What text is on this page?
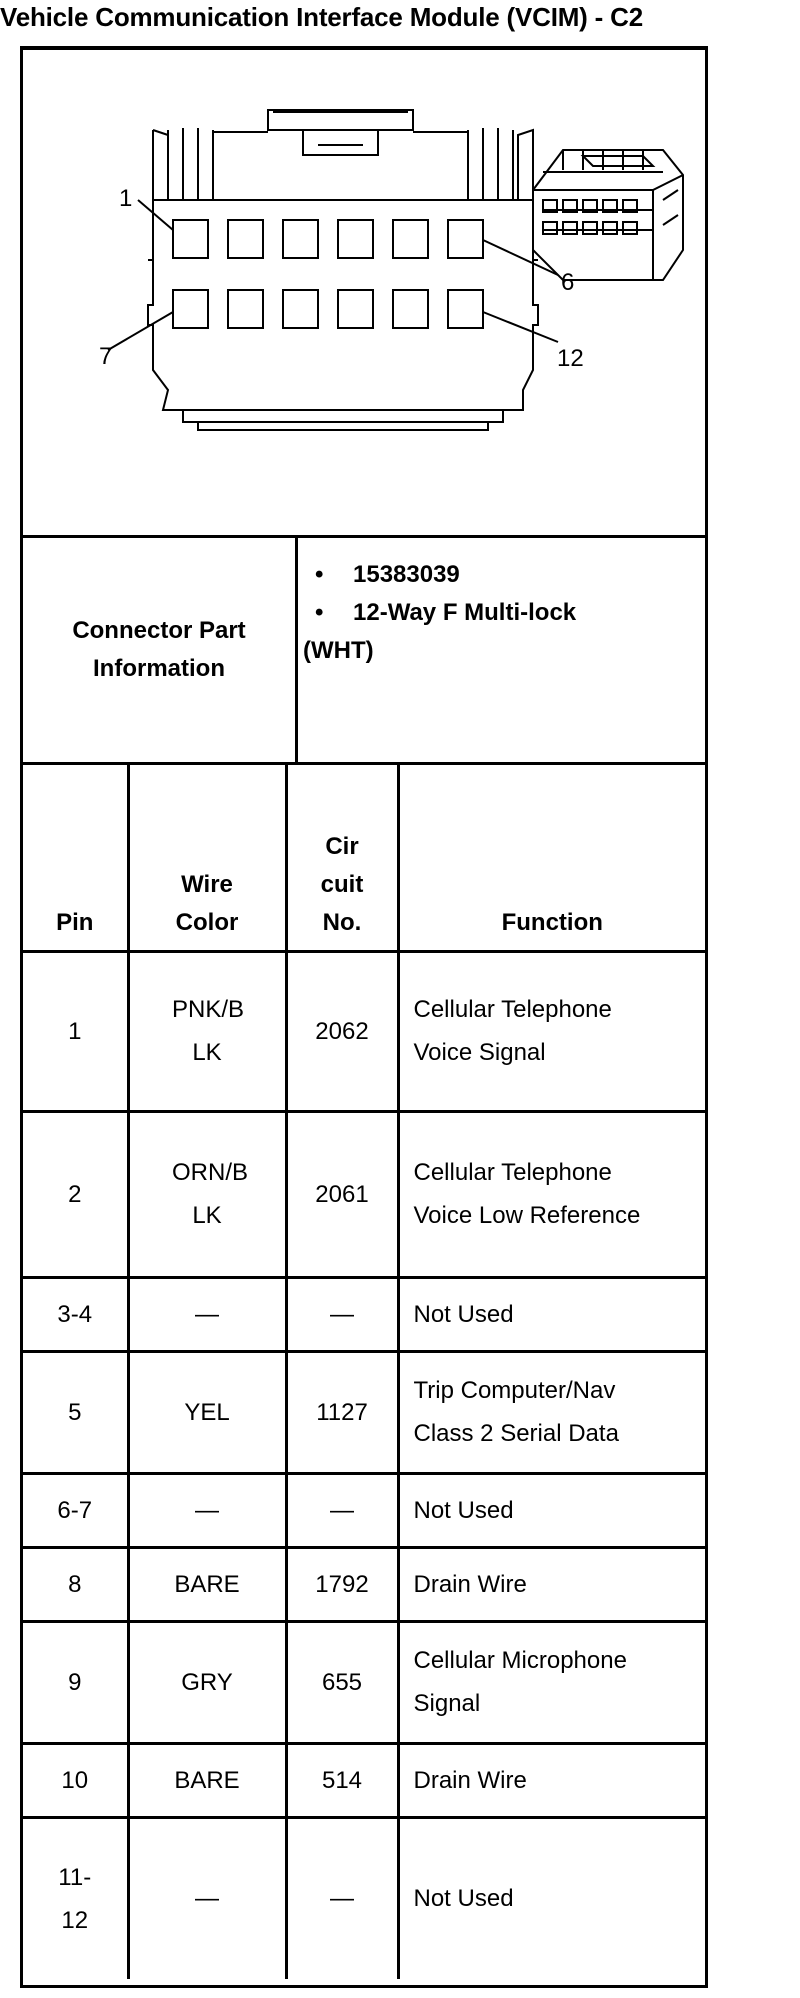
Vehicle Communication Interface Module (VCIM) - C2
1
6
7	12
Connector Part Information
• 15383039
• 12-Way F Multi-lock
(WHT)
Pin	Wire Color	Cir cuit No.	Function
1	PNK/B LK	2062	Cellular Telephone Voice Signal

2	ORN/B LK	2061	Cellular Telephone Voice Low Reference

3-4	—	—	Not Used
5	YEL	1127	Trip Computer/Nav Class 2 Serial Data

6-7	—	—	Not Used
8	BARE	1792	Drain Wire
9	GRY	655	Cellular Microphone Signal

10	BARE	514	Drain Wire

11- 12	—	—	Not Used
